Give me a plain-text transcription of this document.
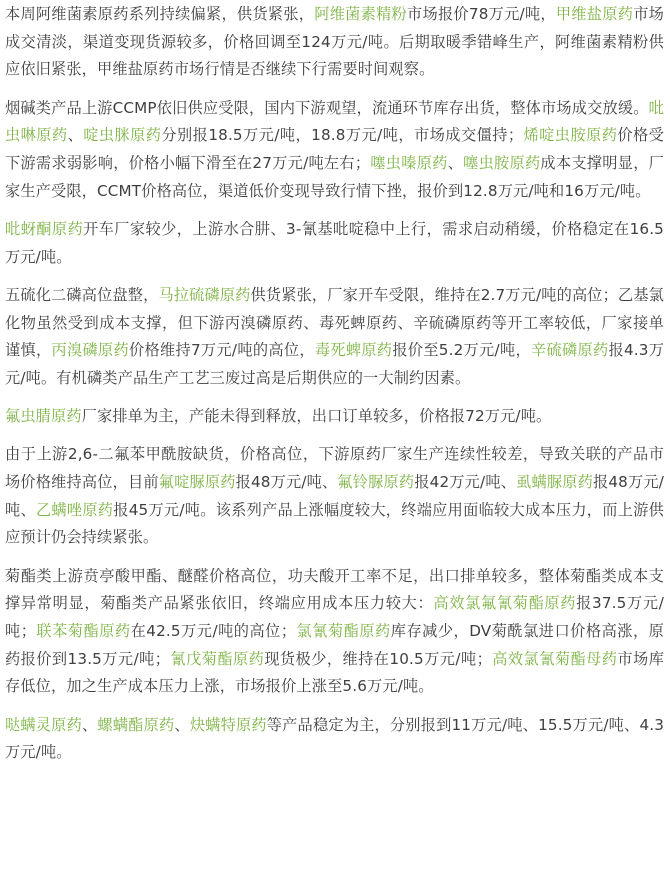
本周阿维菌素原药系列持续偏紧，供货紧张，阿维菌素精粉市场报价78万元/吨，甲维盐原药市场成交清淡，渠道变现货源较多，价格回调至124万元/吨。后期取暖季错峰生产，阿维菌素精粉供应依旧紧张，甲维盐原药市场行情是否继续下行需要时间观察。

烟碱类产品上游CCMP依旧供应受限，国内下游观望，流通环节库存出货，整体市场成交放缓。吡虫啉原药、啶虫脒原药分别报18.5万元/吨，18.8万元/吨，市场成交僵持；烯啶虫胺原药价格受下游需求弱影响，价格小幅下滑至在27万元/吨左右；噻虫嗪原药、噻虫胺原药成本支撑明显，厂家生产受限，CCMT价格高位，渠道低价变现导致行情下挫，报价到12.8万元/吨和16万元/吨。

吡蚜酮原药开车厂家较少，上游水合肼、3-氰基吡啶稳中上行，需求启动稍缓，价格稳定在16.5万元/吨。

五硫化二磷高位盘整，马拉硫磷原药供货紧张，厂家开车受限，维持在2.7万元/吨的高位；乙基氯化物虽然受到成本支撑，但下游丙溴磷原药、毒死蜱原药、辛硫磷原药等开工率较低，厂家接单谨慎，丙溴磷原药价格维持7万元/吨的高位，毒死蜱原药报价至5.2万元/吨，辛硫磷原药报4.3万元/吨。有机磷类产品生产工艺三废过高是后期供应的一大制约因素。

氟虫腈原药厂家排单为主，产能未得到释放，出口订单较多，价格报72万元/吨。

由于上游2,6-二氟苯甲酰胺缺货，价格高位，下游原药厂家生产连续性较差，导致关联的产品市场价格维持高位，目前氟啶脲原药报48万元/吨、氟铃脲原药报42万元/吨、虱螨脲原药报48万元/吨、乙螨唑原药报45万元/吨。该系列产品上涨幅度较大，终端应用面临较大成本压力，而上游供应预计仍会持续紧张。

菊酯类上游贲亭酸甲酯、醚醛价格高位，功夫酸开工率不足，出口排单较多，整体菊酯类成本支撑异常明显，菊酯类产品紧张依旧，终端应用成本压力较大：高效氯氟氰菊酯原药报37.5万元/吨；联苯菊酯原药在42.5万元/吨的高位；氯氰菊酯原药库存减少，DV菊酰氯进口价格高涨，原药报价到13.5万元/吨；氰戊菊酯原药现货极少，维持在10.5万元/吨；高效氯氰菊酯母药市场库存低位，加之生产成本压力上涨，市场报价上涨至5.6万元/吨。

哒螨灵原药、螺螨酯原药、炔螨特原药等产品稳定为主，分别报到11万元/吨、15.5万元/吨、4.3万元/吨。
